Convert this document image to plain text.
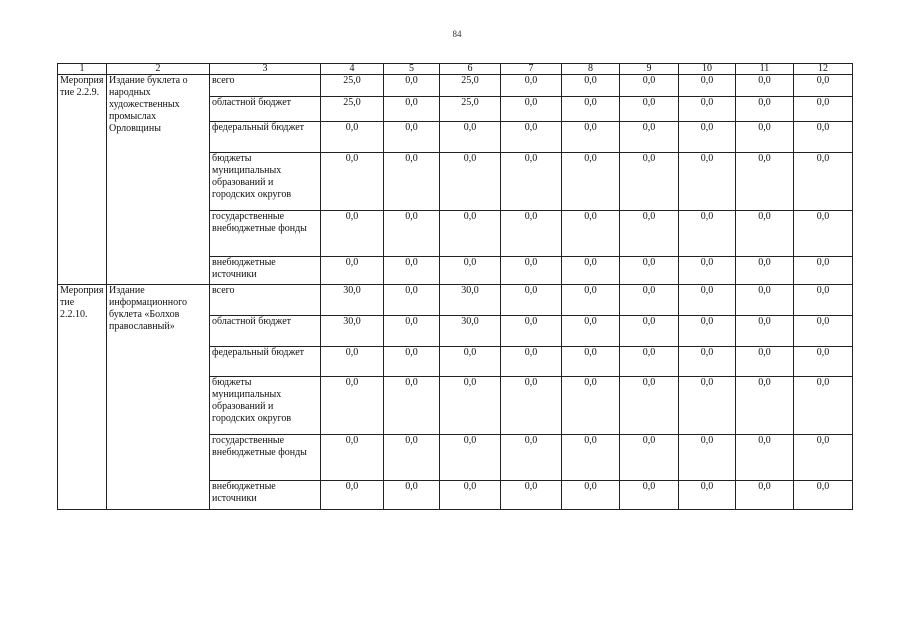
84
1	2	3	4	5	6	7	8	9	10	11	12
Мероприятие 2.2.9.	Издание буклета о народных художественных промыслах Орловщины	всего	25,0	0,0	25,0	0,0	0,0	0,0	0,0	0,0	0,0
		областной бюджет	25,0	0,0	25,0	0,0	0,0	0,0	0,0	0,0	0,0
		федеральный бюджет	0,0	0,0	0,0	0,0	0,0	0,0	0,0	0,0	0,0
		бюджеты муниципальных образований и городских округов	0,0	0,0	0,0	0,0	0,0	0,0	0,0	0,0	0,0
		государственные внебюджетные фонды	0,0	0,0	0,0	0,0	0,0	0,0	0,0	0,0	0,0
		внебюджетные источники	0,0	0,0	0,0	0,0	0,0	0,0	0,0	0,0	0,0
Мероприятие 2.2.10.	Издание информационного буклета «Болхов православный»	всего	30,0	0,0	30,0	0,0	0,0	0,0	0,0	0,0	0,0
		областной бюджет	30,0	0,0	30,0	0,0	0,0	0,0	0,0	0,0	0,0
		федеральный бюджет	0,0	0,0	0,0	0,0	0,0	0,0	0,0	0,0	0,0
		бюджеты муниципальных образований и городских округов	0,0	0,0	0,0	0,0	0,0	0,0	0,0	0,0	0,0
		государственные внебюджетные фонды	0,0	0,0	0,0	0,0	0,0	0,0	0,0	0,0	0,0
		внебюджетные источники	0,0	0,0	0,0	0,0	0,0	0,0	0,0	0,0	0,0
